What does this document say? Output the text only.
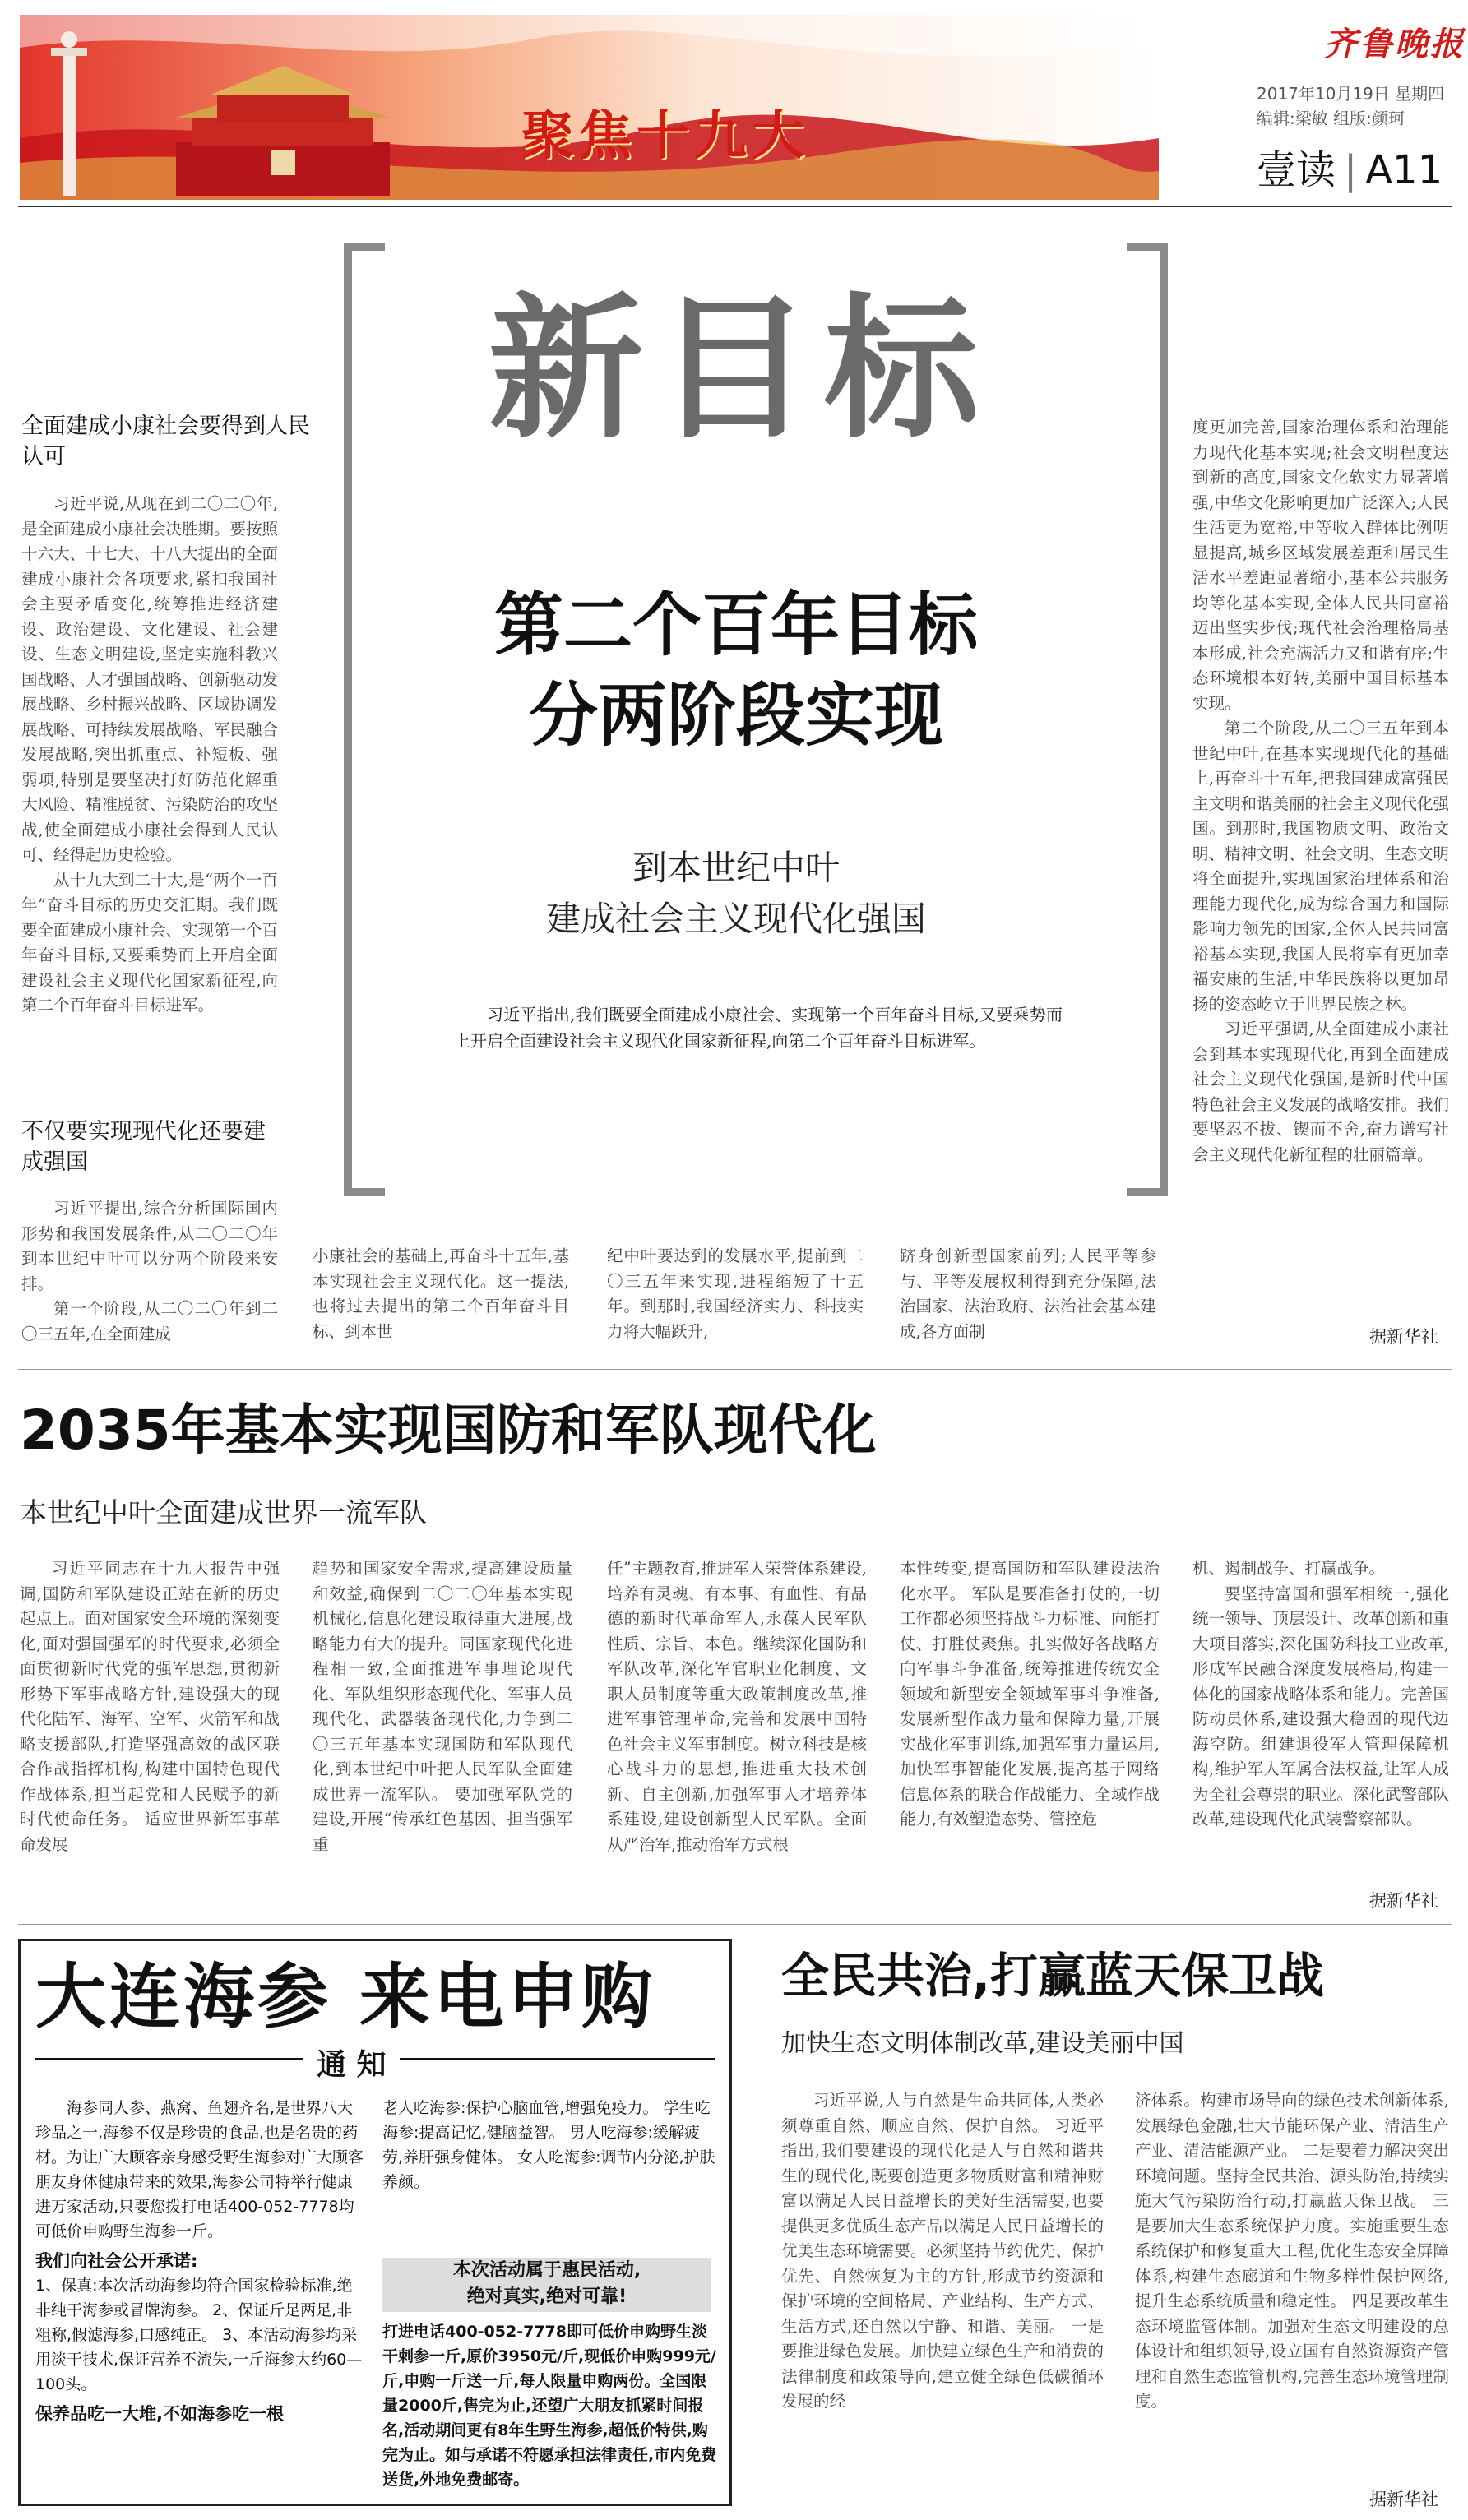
聚焦十九大
齐鲁晚报
2017年10月19日 星期四
编辑:梁敏 组版:颜珂
壹读 | A11
新目标
第二个百年目标
分两阶段实现
到本世纪中叶
建成社会主义现代化强国

习近平指出,我们既要全面建成小康社会、实现第一个百年奋斗目标,又要乘势而上开启全面建设社会主义现代化国家新征程,向第二个百年奋斗目标进军。

全面建成小康社会要得到人民认可

习近平说,从现在到二〇二〇年,是全面建成小康社会决胜期。要按照十六大、十七大、十八大提出的全面建成小康社会各项要求,紧扣我国社会主要矛盾变化,统筹推进经济建设、政治建设、文化建设、社会建设、生态文明建设,坚定实施科教兴国战略、人才强国战略、创新驱动发展战略、乡村振兴战略、区域协调发展战略、可持续发展战略、军民融合发展战略,突出抓重点、补短板、强弱项,特别是要坚决打好防范化解重大风险、精准脱贫、污染防治的攻坚战,使全面建成小康社会得到人民认可、经得起历史检验。

从十九大到二十大,是“两个一百年”奋斗目标的历史交汇期。我们既要全面建成小康社会、实现第一个百年奋斗目标,又要乘势而上开启全面建设社会主义现代化国家新征程,向第二个百年奋斗目标进军。

不仅要实现现代化还要建成强国

习近平提出,综合分析国际国内形势和我国发展条件,从二〇二〇年到本世纪中叶可以分两个阶段来安排。

第一个阶段,从二〇二〇年到二〇三五年,在全面建成

小康社会的基础上,再奋斗十五年,基本实现社会主义现代化。这一提法,也将过去提出的第二个百年奋斗目标、到本世

纪中叶要达到的发展水平,提前到二〇三五年来实现,进程缩短了十五年。到那时,我国经济实力、科技实力将大幅跃升,

跻身创新型国家前列;人民平等参与、平等发展权利得到充分保障,法治国家、法治政府、法治社会基本建成,各方面制

度更加完善,国家治理体系和治理能力现代化基本实现;社会文明程度达到新的高度,国家文化软实力显著增强,中华文化影响更加广泛深入;人民生活更为宽裕,中等收入群体比例明显提高,城乡区域发展差距和居民生活水平差距显著缩小,基本公共服务均等化基本实现,全体人民共同富裕迈出坚实步伐;现代社会治理格局基本形成,社会充满活力又和谐有序;生态环境根本好转,美丽中国目标基本实现。

第二个阶段,从二〇三五年到本世纪中叶,在基本实现现代化的基础上,再奋斗十五年,把我国建成富强民主文明和谐美丽的社会主义现代化强国。到那时,我国物质文明、政治文明、精神文明、社会文明、生态文明将全面提升,实现国家治理体系和治理能力现代化,成为综合国力和国际影响力领先的国家,全体人民共同富裕基本实现,我国人民将享有更加幸福安康的生活,中华民族将以更加昂扬的姿态屹立于世界民族之林。

习近平强调,从全面建成小康社会到基本实现现代化,再到全面建成社会主义现代化强国,是新时代中国特色社会主义发展的战略安排。我们要坚忍不拔、锲而不舍,奋力谱写社会主义现代化新征程的壮丽篇章。

据新华社
2035年基本实现国防和军队现代化
本世纪中叶全面建成世界一流军队

习近平同志在十九大报告中强调,国防和军队建设正站在新的历史起点上。面对国家安全环境的深刻变化,面对强国强军的时代要求,必须全面贯彻新时代党的强军思想,贯彻新形势下军事战略方针,建设强大的现代化陆军、海军、空军、火箭军和战略支援部队,打造坚强高效的战区联合作战指挥机构,构建中国特色现代作战体系,担当起党和人民赋予的新时代使命任务。 适应世界新军事革命发展

趋势和国家安全需求,提高建设质量和效益,确保到二〇二〇年基本实现机械化,信息化建设取得重大进展,战略能力有大的提升。同国家现代化进程相一致,全面推进军事理论现代化、军队组织形态现代化、军事人员现代化、武器装备现代化,力争到二〇三五年基本实现国防和军队现代化,到本世纪中叶把人民军队全面建成世界一流军队。 要加强军队党的建设,开展“传承红色基因、担当强军重

任”主题教育,推进军人荣誉体系建设,培养有灵魂、有本事、有血性、有品德的新时代革命军人,永葆人民军队性质、宗旨、本色。继续深化国防和军队改革,深化军官职业化制度、文职人员制度等重大政策制度改革,推进军事管理革命,完善和发展中国特色社会主义军事制度。树立科技是核心战斗力的思想,推进重大技术创新、自主创新,加强军事人才培养体系建设,建设创新型人民军队。全面从严治军,推动治军方式根

本性转变,提高国防和军队建设法治化水平。 军队是要准备打仗的,一切工作都必须坚持战斗力标准、向能打仗、打胜仗聚焦。扎实做好各战略方向军事斗争准备,统筹推进传统安全领域和新型安全领域军事斗争准备,发展新型作战力量和保障力量,开展实战化军事训练,加强军事力量运用,加快军事智能化发展,提高基于网络信息体系的联合作战能力、全域作战能力,有效塑造态势、管控危

机、遏制战争、打赢战争。

要坚持富国和强军相统一,强化统一领导、顶层设计、改革创新和重大项目落实,深化国防科技工业改革,形成军民融合深度发展格局,构建一体化的国家战略体系和能力。完善国防动员体系,建设强大稳固的现代边海空防。组建退役军人管理保障机构,维护军人军属合法权益,让军人成为全社会尊崇的职业。深化武警部队改革,建设现代化武装警察部队。

据新华社
大连海参 来电申购
通 知
海参同人参、燕窝、鱼翅齐名,是世界八大珍品之一,海参不仅是珍贵的食品,也是名贵的药材。为让广大顾客亲身感受野生海参对广大顾客朋友身体健康带来的效果,海参公司特举行健康进万家活动,只要您拨打电话400-052-7778均可低价申购野生海参一斤。
我们向社会公开承诺:
1、保真:本次活动海参均符合国家检验标准,绝非纯干海参或冒牌海参。 2、保证斤足两足,非粗称,假滤海参,口感纯正。 3、本活动海参均采用淡干技术,保证营养不流失,一斤海参大约60—100头。
保养品吃一大堆,不如海参吃一根
老人吃海参:保护心脑血管,增强免疫力。 学生吃海参:提高记忆,健脑益智。 男人吃海参:缓解疲劳,养肝强身健体。 女人吃海参:调节内分泌,护肤养颜。
本次活动属于惠民活动,
绝对真实,绝对可靠!
打进电话400-052-7778即可低价申购野生淡干刺参一斤,原价3950元/斤,现低价申购999元/斤,申购一斤送一斤,每人限量申购两份。全国限量2000斤,售完为止,还望广大朋友抓紧时间报名,活动期间更有8年生野生海参,超低价特供,购完为止。如与承诺不符愿承担法律责任,市内免费送货,外地免费邮寄。
全民共治,打赢蓝天保卫战
加快生态文明体制改革,建设美丽中国

习近平说,人与自然是生命共同体,人类必须尊重自然、顺应自然、保护自然。 习近平指出,我们要建设的现代化是人与自然和谐共生的现代化,既要创造更多物质财富和精神财富以满足人民日益增长的美好生活需要,也要提供更多优质生态产品以满足人民日益增长的优美生态环境需要。必须坚持节约优先、保护优先、自然恢复为主的方针,形成节约资源和保护环境的空间格局、产业结构、生产方式、生活方式,还自然以宁静、和谐、美丽。 一是要推进绿色发展。加快建立绿色生产和消费的法律制度和政策导向,建立健全绿色低碳循环发展的经

济体系。构建市场导向的绿色技术创新体系,发展绿色金融,壮大节能环保产业、清洁生产产业、清洁能源产业。 二是要着力解决突出环境问题。坚持全民共治、源头防治,持续实施大气污染防治行动,打赢蓝天保卫战。 三是要加大生态系统保护力度。实施重要生态系统保护和修复重大工程,优化生态安全屏障体系,构建生态廊道和生物多样性保护网络,提升生态系统质量和稳定性。 四是要改革生态环境监管体制。加强对生态文明建设的总体设计和组织领导,设立国有自然资源资产管理和自然生态监管机构,完善生态环境管理制度。

据新华社
